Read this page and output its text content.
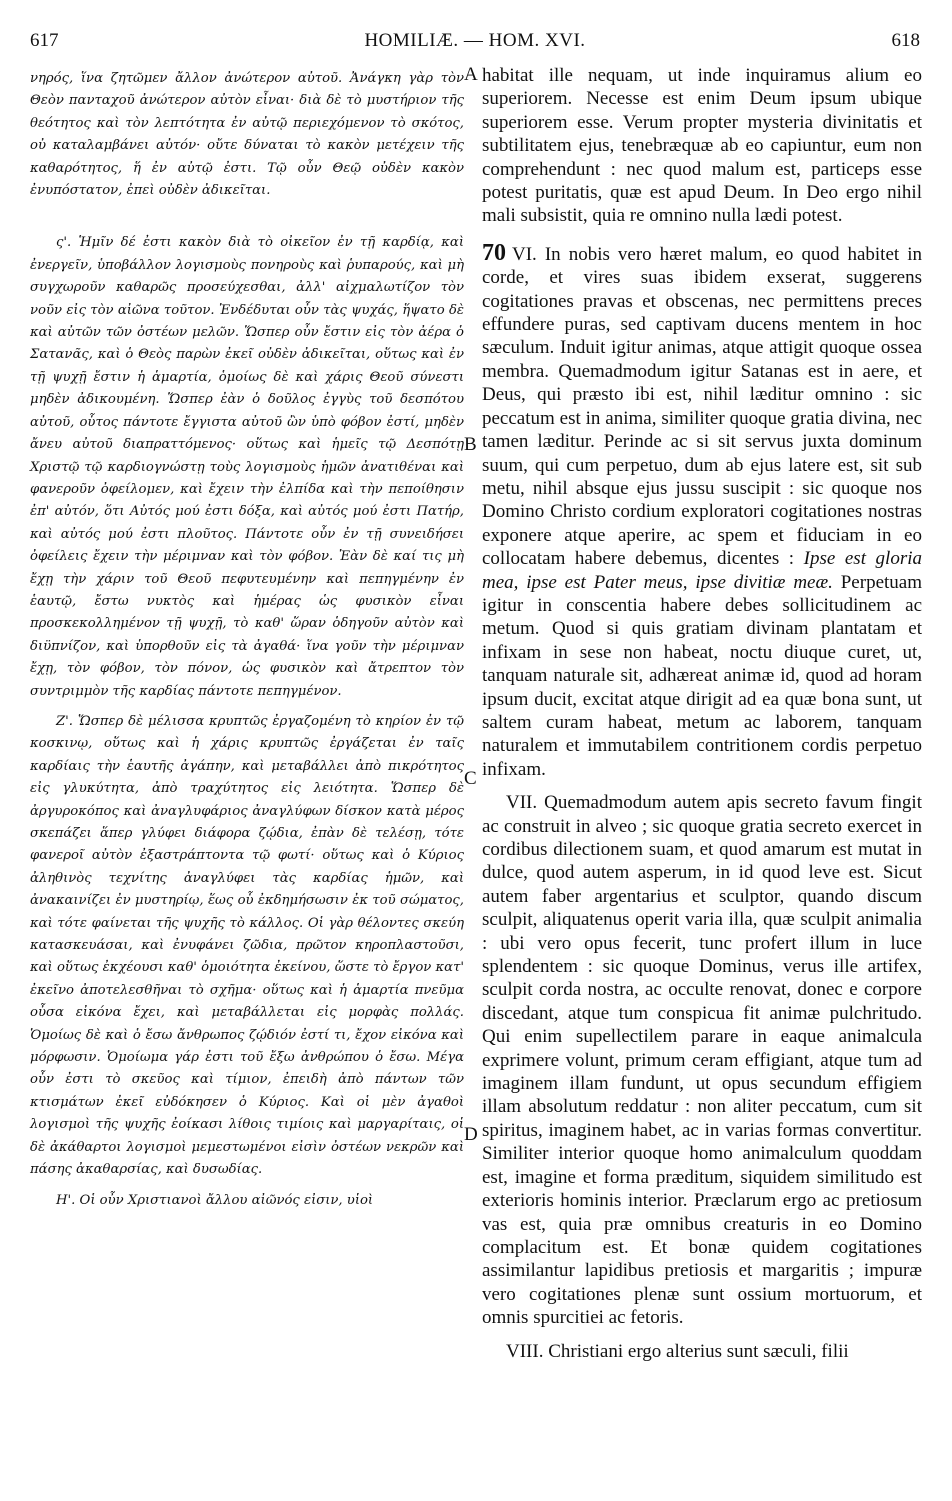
617	HOMILIÆ. — HOM. XVI.	618

νηρός, ἵνα ζητῶμεν ἄλλον ἀνώτερον αὐτοῦ. Ἀνάγκη γὰρ τὸν Θεὸν πανταχοῦ ἀνώτερον αὐτὸν εἶναι· διὰ δὲ τὸ μυστήριον τῆς θεότητος καὶ τὸν λεπτότητα ἐν αὐτῷ περιεχόμενον τὸ σκότος, οὐ καταλαμβάνει αὐτόν· οὔτε δύναται τὸ κακὸν μετέχειν τῆς καθαρότητος, ἥ ἐν αὐτῷ ἐστι. Τῷ οὖν Θεῷ οὐδὲν κακὸν ἐνυπόστατον, ἐπεὶ οὐδὲν ἀδικεῖται.

ς'. Ἡμῖν δέ ἐστι κακὸν διὰ τὸ οἰκεῖον ἐν τῇ καρδίᾳ, καὶ ἐνεργεῖν, ὑποβάλλον λογισμοὺς πονηροὺς καὶ ῥυπαρούς, καὶ μὴ συγχωροῦν καθαρῶς προσεύχεσθαι, ἀλλ' αἰχμαλωτίζον τὸν νοῦν εἰς τὸν αἰῶνα τοῦτον. Ἐνδέδυται οὖν τὰς ψυχάς, ἥψατο δὲ καὶ αὐτῶν τῶν ὀστέων μελῶν. Ὥσπερ οὖν ἔστιν εἰς τὸν ἀέρα ὁ Σατανᾶς, καὶ ὁ Θεὸς παρὼν ἐκεῖ οὐδὲν ἀδικεῖται, οὕτως καὶ ἐν τῇ ψυχῇ ἔστιν ἡ ἁμαρτία, ὁμοίως δὲ καὶ χάρις Θεοῦ σύνεστι μηδὲν ἀδικουμένη. Ὥσπερ ἐὰν ὁ δοῦλος ἐγγὺς τοῦ δεσπότου αὐτοῦ, οὗτος πάντοτε ἔγγιστα αὐτοῦ ὢν ὑπὸ φόβον ἐστί, μηδὲν ἄνευ αὐτοῦ διαπραττόμενος· οὕτως καὶ ἡμεῖς τῷ Δεσπότῃ Χριστῷ τῷ καρδιογνώστῃ τοὺς λογισμοὺς ἡμῶν ἀνατιθέναι καὶ φανεροῦν ὀφείλομεν, καὶ ἔχειν τὴν ἐλπίδα καὶ τὴν πεποίθησιν ἐπ' αὐτόν, ὅτι Αὐτός μού ἐστι δόξα, καὶ αὐτός μού ἐστι Πατήρ, καὶ αὐτός μού ἐστι πλοῦτος. Πάντοτε οὖν ἐν τῇ συνειδήσει ὀφείλεις ἔχειν τὴν μέριμναν καὶ τὸν φόβον. Ἐὰν δὲ καί τις μὴ ἔχῃ τὴν χάριν τοῦ Θεοῦ πεφυτευμένην καὶ πεπηγμένην ἐν ἑαυτῷ, ἔστω νυκτὸς καὶ ἡμέρας ὡς φυσικὸν εἶναι προσκεκολλημένον τῇ ψυχῇ, τὸ καθ' ὥραν ὁδηγοῦν αὐτὸν καὶ διϋπνίζον, καὶ ὑπορθοῦν εἰς τὰ ἀγαθά· ἵνα γοῦν τὴν μέριμναν ἔχῃ, τὸν φόβον, τὸν πόνον, ὡς φυσικὸν καὶ ἄτρεπτον τὸν συντριμμὸν τῆς καρδίας πάντοτε πεπηγμένον.

Ζ'. Ὥσπερ δὲ μέλισσα κρυπτῶς ἐργαζομένη τὸ κηρίον ἐν τῷ κοσκινῳ, οὕτως καὶ ἡ χάρις κρυπτῶς ἐργάζεται ἐν ταῖς καρδίαις τὴν ἑαυτῆς ἀγάπην, καὶ μεταβάλλει ἀπὸ πικρότητος εἰς γλυκύτητα, ἀπὸ τραχύτητος εἰς λειότητα. Ὥσπερ δὲ ἀργυροκόπος καὶ ἀναγλυφάριος ἀναγλύφων δίσκον κατὰ μέρος σκεπάζει ἅπερ γλύφει διάφορα ζῴδια, ἐπὰν δὲ τελέσῃ, τότε φανεροῖ αὐτὸν ἐξαστράπτοντα τῷ φωτί· οὕτως καὶ ὁ Κύριος ἀληθινὸς τεχνίτης ἀναγλύφει τὰς καρδίας ἡμῶν, καὶ ἀνακαινίζει ἐν μυστηρίῳ, ἕως οὗ ἐκδημήσωσιν ἐκ τοῦ σώματος, καὶ τότε φαίνεται τῆς ψυχῆς τὸ κάλλος. Οἱ γὰρ θέλοντες σκεύη κατασκευάσαι, καὶ ἐνυφάνει ζῶδια, πρῶτον κηροπλαστοῦσι, καὶ οὕτως ἐκχέουσι καθ' ὁμοιότητα ἐκείνου, ὥστε τὸ ἔργον κατ' ἐκεῖνο ἀποτελεσθῆναι τὸ σχῆμα· οὕτως καὶ ἡ ἁμαρτία πνεῦμα οὖσα εἰκόνα ἔχει, καὶ μεταβάλλεται εἰς μορφὰς πολλάς. Ὁμοίως δὲ καὶ ὁ ἔσω ἄνθρωπος ζῴδιόν ἐστί τι, ἔχον εἰκόνα καὶ μόρφωσιν. Ὁμοίωμα γάρ ἐστι τοῦ ἔξω ἀνθρώπου ὁ ἔσω. Μέγα οὖν ἐστι τὸ σκεῦος καὶ τίμιον, ἐπειδὴ ἀπὸ πάντων τῶν κτισμάτων ἐκεῖ εὐδόκησεν ὁ Κύριος. Καὶ οἱ μὲν ἀγαθοὶ λογισμοὶ τῆς ψυχῆς ἐοίκασι λίθοις τιμίοις καὶ μαργαρίταις, οἱ δὲ ἀκάθαρτοι λογισμοὶ μεμεστωμένοι εἰσὶν ὀστέων νεκρῶν καὶ πάσης ἀκαθαρσίας, καὶ δυσωδίας.

Η'. Οἱ οὖν Χριστιανοὶ ἄλλου αἰῶνός εἰσιν, υἱοὶ

A
B
C
D

habitat ille nequam, ut inde inquiramus alium eo superiorem. Necesse est enim Deum ipsum ubique superiorem esse. Verum propter mysteria divinitatis et subtilitatem ejus, tenebræquæ ab eo capiuntur, eum non comprehendunt : nec quod malum est, particeps esse potest puritatis, quæ est apud Deum. In Deo ergo nihil mali subsistit, quia re omnino nulla lædi potest.

70 VI. In nobis vero hæret malum, eo quod habitet in corde, et vires suas ibidem exserat, suggerens cogitationes pravas et obscenas, nec permittens preces effundere puras, sed captivam ducens mentem in hoc sæculum. Induit igitur animas, atque attigit quoque ossea membra. Quemadmodum igitur Satanas est in aere, et Deus, qui præsto ibi est, nihil læditur omnino : sic peccatum est in anima, similiter quoque gratia divina, nec tamen læditur. Perinde ac si sit servus juxta dominum suum, qui cum perpetuo, dum ab ejus latere est, sit sub metu, nihil absque ejus jussu suscipit : sic quoque nos Domino Christo cordium exploratori cogitationes nostras exponere atque aperire, ac spem et fiduciam in eo collocatam habere debemus, dicentes : Ipse est gloria mea, ipse est Pater meus, ipse divitiæ meæ. Perpetuam igitur in conscentia habere debes sollicitudinem ac metum. Quod si quis gratiam divinam plantatam et infixam in sese non habeat, noctu diuque curet, ut, tanquam naturale sit, adhæreat animæ id, quod ad horam ipsum ducit, excitat atque dirigit ad ea quæ bona sunt, ut saltem curam habeat, metum ac laborem, tanquam naturalem et immutabilem contritionem cordis perpetuo infixam.

VII. Quemadmodum autem apis secreto favum fingit ac construit in alveo ; sic quoque gratia secreto exercet in cordibus dilectionem suam, et quod amarum est mutat in dulce, quod autem asperum, in id quod leve est. Sicut autem faber argentarius et sculptor, quando discum sculpit, aliquatenus operit varia illa, quæ sculpit animalia : ubi vero opus fecerit, tunc profert illum in luce splendentem : sic quoque Dominus, verus ille artifex, sculpit corda nostra, ac occulte renovat, donec e corpore discedant, atque tum conspicua fit animæ pulchritudo. Qui enim supellectilem parare in eaque animalcula exprimere volunt, primum ceram effigiant, atque tum ad imaginem illam fundunt, ut opus secundum effigiem illam absolutum reddatur : non aliter peccatum, cum sit spiritus, imaginem habet, ac in varias formas convertitur. Similiter interior quoque homo animalculum quoddam est, imagine et forma præditum, siquidem similitudo est exterioris hominis interior. Præclarum ergo ac pretiosum vas est, quia præ omnibus creaturis in eo Domino complacitum est. Et bonæ quidem cogitationes assimilantur lapidibus pretiosis et margaritis ; impuræ vero cogitationes plenæ sunt ossium mortuorum, et omnis spurcitiei ac fetoris.

VIII. Christiani ergo alterius sunt sæculi, filii
